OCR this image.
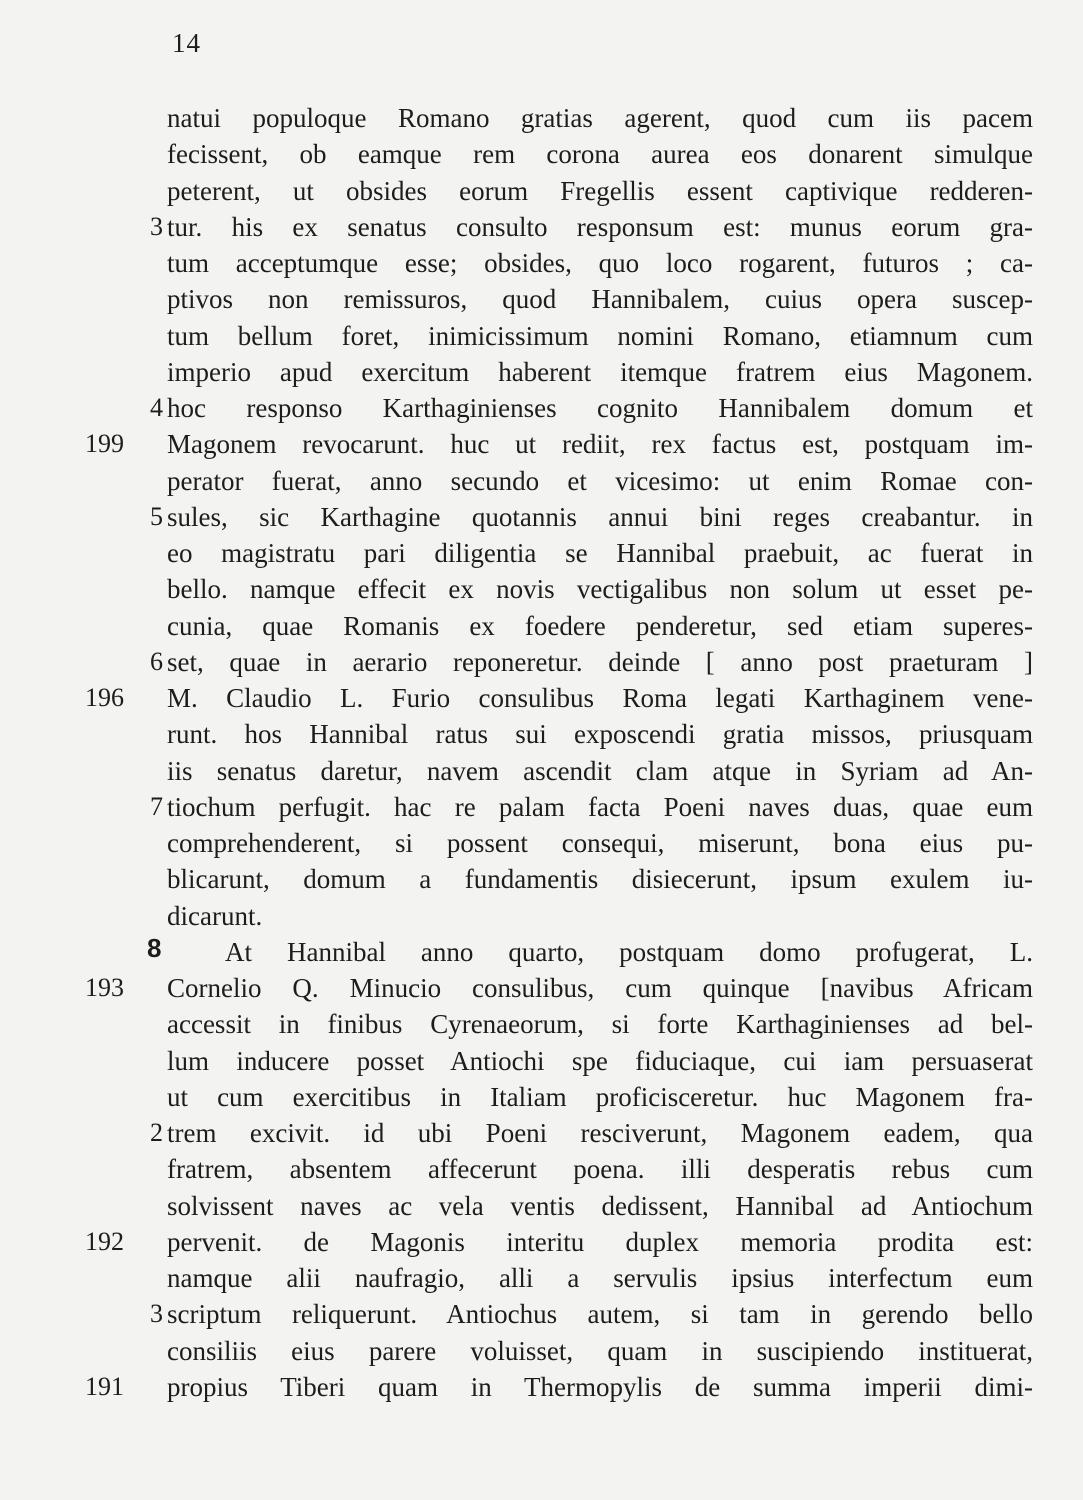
14
natui populoque Romano gratias agerent, quod cum iis pacem
fecissent, ob eamque rem corona aurea eos donarent simulque
peterent, ut obsides eorum Fregellis essent captivique redderen-
3 tur. his ex senatus consulto responsum est: munus eorum gra-
tum acceptumque esse; obsides, quo loco rogarent, futuros ; ca-
ptivos non remissuros, quod Hannibalem, cuius opera suscep-
tum bellum foret, inimicissimum nomini Romano, etiamnum cum
imperio apud exercitum haberent itemque fratrem eius Magonem.
4 hoc responso Karthaginienses cognito Hannibalem domum et
199 Magonem revocarunt. huc ut rediit, rex factus est, postquam im-
perator fuerat, anno secundo et vicesimo: ut enim Romae con-
5 sules, sic Karthagine quotannis annui bini reges creabantur. in
eo magistratu pari diligentia se Hannibal praebuit, ac fuerat in
bello. namque effecit ex novis vectigalibus non solum ut esset pe-
cunia, quae Romanis ex foedere penderetur, sed etiam superes-
6 set, quae in aerario reponeretur. deinde [ anno post praeturam ]
196 M. Claudio L. Furio consulibus Roma legati Karthaginem vene-
runt. hos Hannibal ratus sui exposcendi gratia missos, priusquam
iis senatus daretur, navem ascendit clam atque in Syriam ad An-
7 tiochum perfugit. hac re palam facta Poeni naves duas, quae eum
comprehenderent, si possent consequi, miserunt, bona eius pu-
blicarunt, domum a fundamentis disiecerunt, ipsum exulem iu-
dicarunt.
8	At Hannibal anno quarto, postquam domo profugerat, L.
193 Cornelio Q. Minucio consulibus, cum quinque [navibus Africam
accessit in finibus Cyrenaeorum, si forte Karthaginienses ad bel-
lum inducere posset Antiochi spe fiduciaque, cui iam persuaserat
ut cum exercitibus in Italiam proficisceretur. huc Magonem fra-
2 trem excivit. id ubi Poeni resciverunt, Magonem eadem, qua
fratrem, absentem affecerunt poena. illi desperatis rebus cum
solvissent naves ac vela ventis dedissent, Hannibal ad Antiochum
192 pervenit. de Magonis interitu duplex memoria prodita est:
namque alii naufragio, alli a servulis ipsius interfectum eum
3 scriptum reliquerunt. Antiochus autem, si tam in gerendo bello
consiliis eius parere voluisset, quam in suscipiendo instituerat,
191 propius Tiberi quam in Thermopylis de summa imperii dimi-
